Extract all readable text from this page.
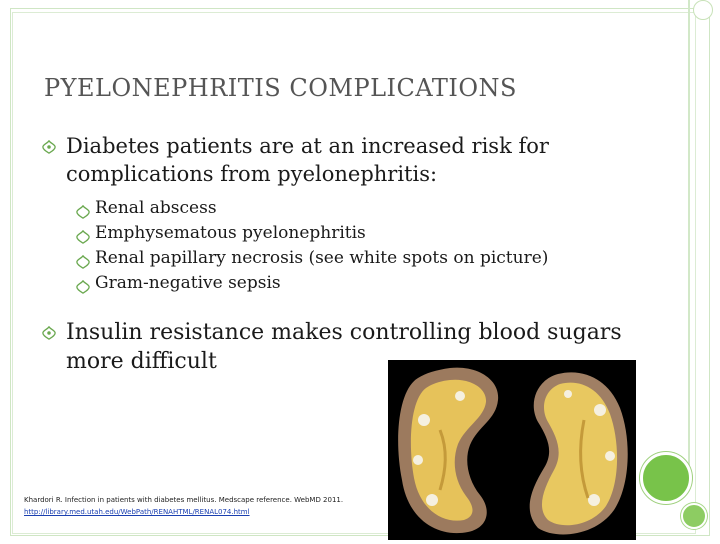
PYELONEPHRITIS COMPLICATIONS
Diabetes patients are at an increased risk for complications from pyelonephritis:
Renal abscess
Emphysematous pyelonephritis
Renal papillary necrosis (see white spots on picture)
Gram-negative sepsis
Insulin resistance makes controlling blood sugars more difficult
Khardori R. Infection in patients with diabetes mellitus. Medscape reference. WebMD 2011.
http://library.med.utah.edu/WebPath/RENAHTML/RENAL074.html
